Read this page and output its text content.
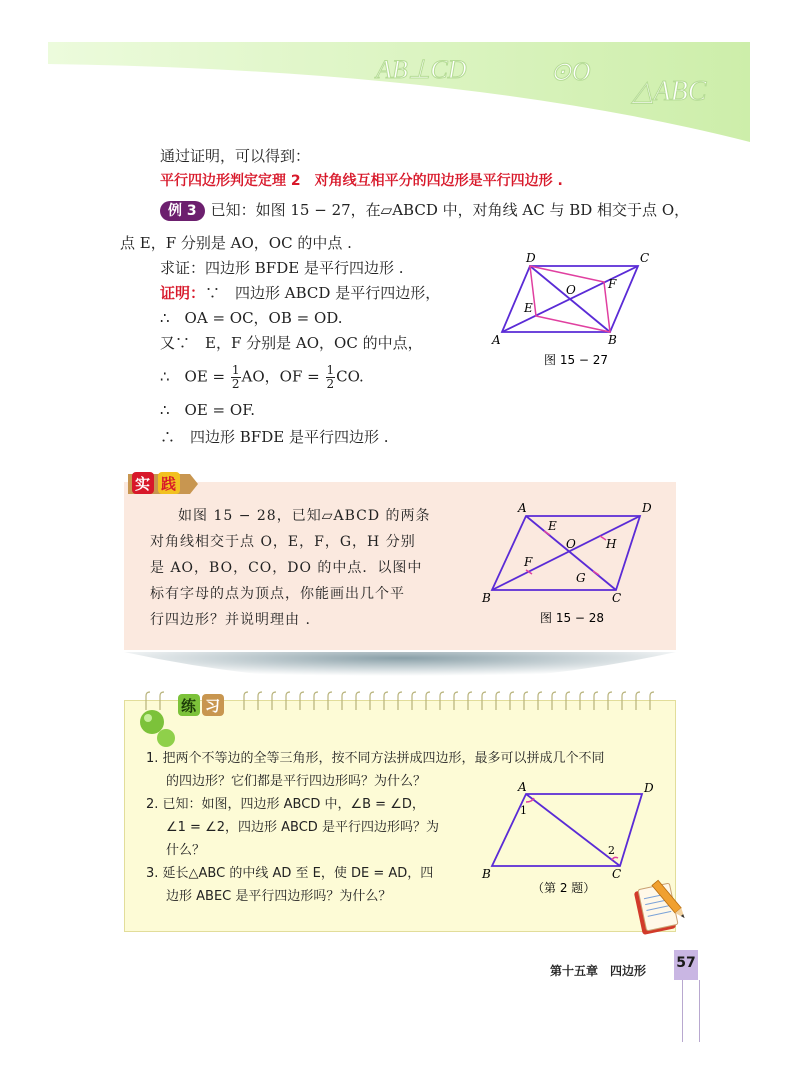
AB⊥CD	⊙O
△ABC
通过证明，可以得到：
平行四边形判定定理 2　对角线互相平分的四边形是平行四边形 .
例 3 已知：如图 15 − 27，在▱ABCD 中，对角线 AC 与 BD 相交于点 O，
点 E，F 分别是 AO，OC 的中点 .
求证：四边形 BFDE 是平行四边形 .
证明：∵　四边形 ABCD 是平行四边形，
∴　OA = OC，OB = OD.
又∵　E，F 分别是 AO，OC 的中点，
∴　OE = $\frac{1}{2}$ AO，OF = $\frac{1}{2}$ CO.
∴　OE = OF.
∴　四边形 BFDE 是平行四边形 .
D	C
A	B
O	F
E
图 15 − 27
实 践
如图 15 − 28，已知▱ABCD 的两条
对角线相交于点 O，E，F，G，H 分别
是 AO，BO，CO，DO 的中点．以图中
标有字母的点为顶点，你能画出几个平
行四边形？并说明理由 .
A	D
B	C
E
O	H
F
G
图 15 − 28
练 习
1. 把两个不等边的全等三角形，按不同方法拼成四边形，最多可以拼成几个不同
的四边形？它们都是平行四边形吗？为什么？
2. 已知：如图，四边形 ABCD 中，∠B = ∠D，
∠1 = ∠2，四边形 ABCD 是平行四边形吗？为
什么？
3. 延长△ABC 的中线 AD 至 E，使 DE = AD，四
边形 ABEC 是平行四边形吗？为什么？
A	D
B	C
1
2
（第 2 题）
第十五章　四边形 57
